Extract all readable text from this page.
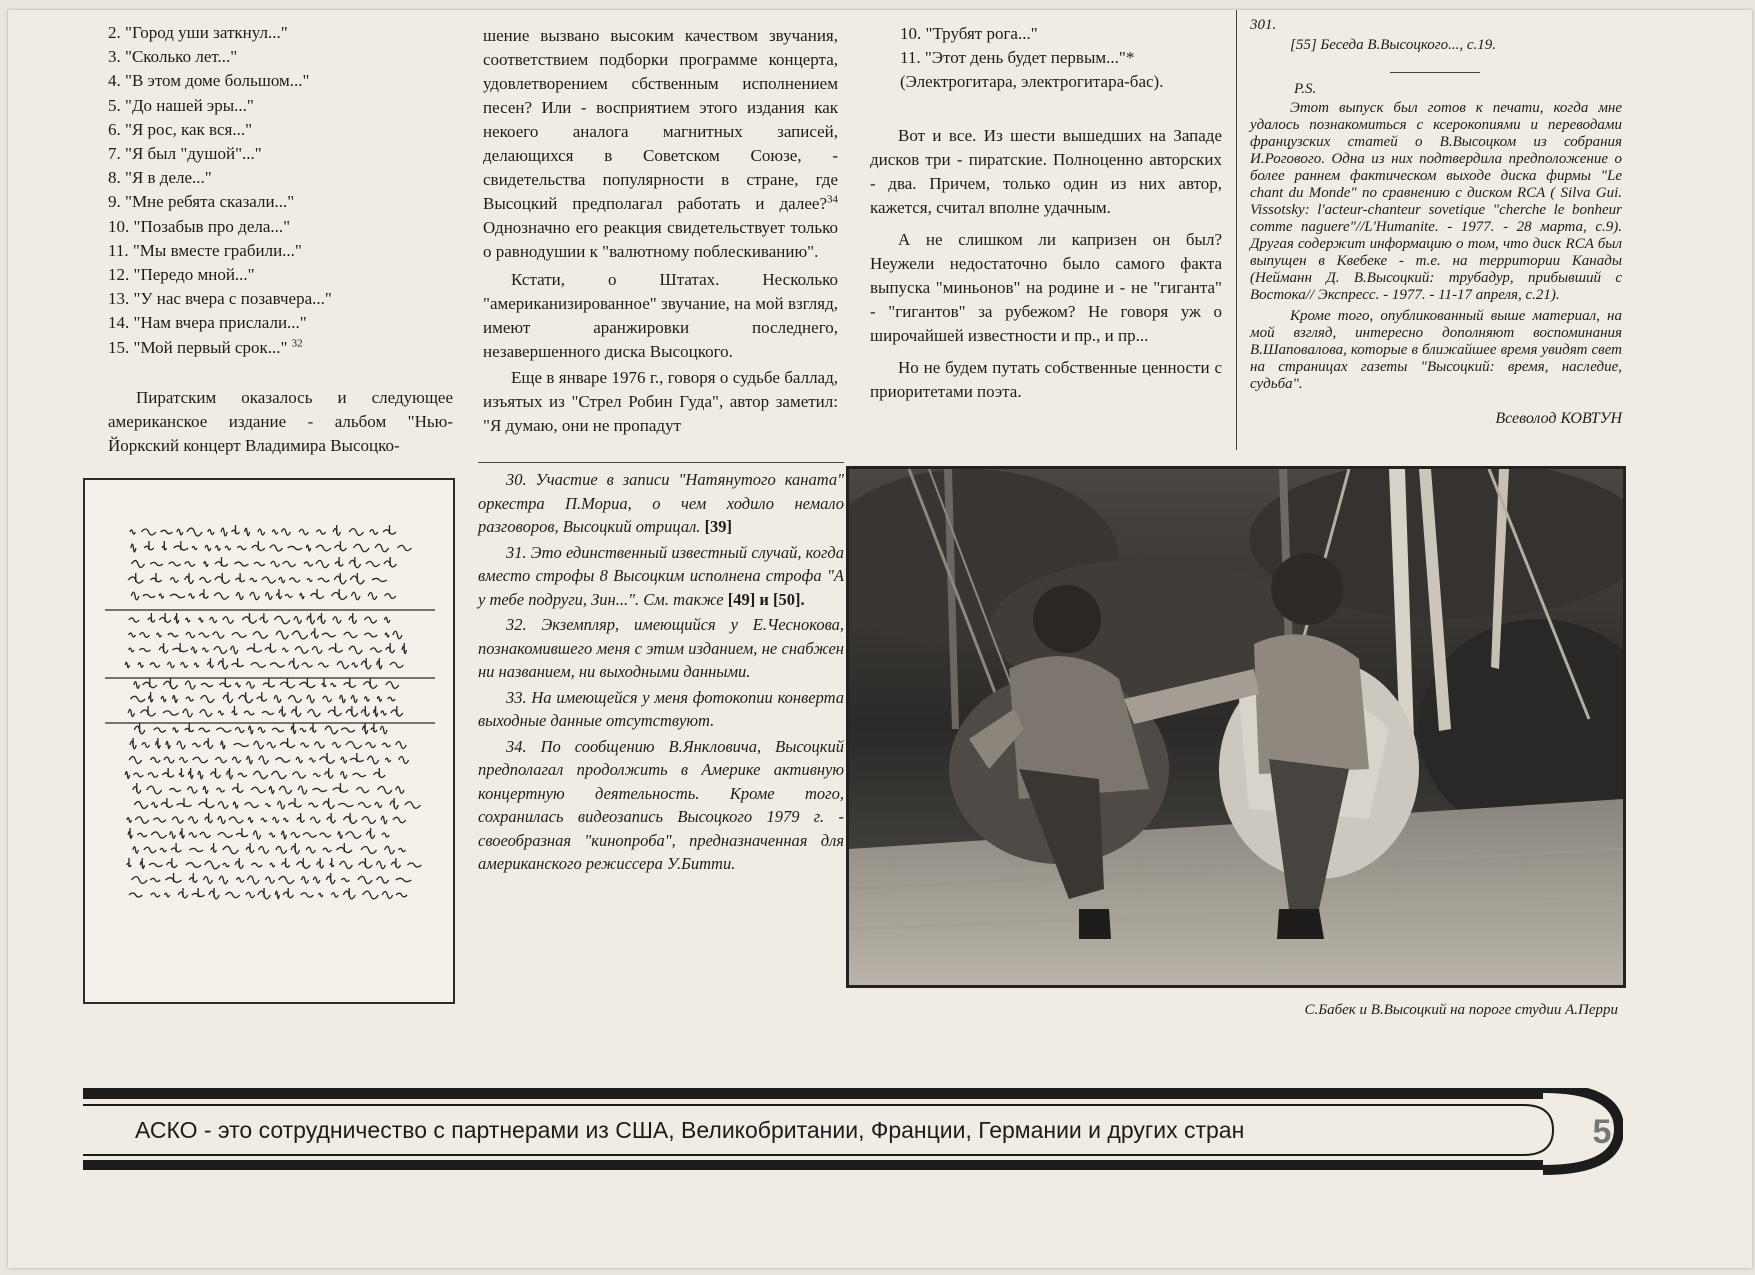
2. "Город уши заткнул..."
3. "Сколько лет..."
4. "В этом доме большом..."
5. "До нашей эры..."
6. "Я рос, как вся..."
7. "Я был "душой"..."
8. "Я в деле..."
9. "Мне ребята сказали..."
10. "Позабыв про дела..."
11. "Мы вместе грабили..."
12. "Передо мной..."
13. "У нас вчера с позавчера..."
14. "Нам вчера прислали..."
15. "Мой первый срок..." $^{32}$

Пиратским оказалось и следующее американское издание - альбом "Нью-Йоркский концерт Владимира Высоцко-

шение вызвано высоким качеством звучания, соответствием подборки программе концерта, удовлетворением сбственным исполнением песен? Или - восприятием этого издания как некоего аналога магнитных записей, делающихся в Советском Союзе, - свидетельства популярности в стране, где Высоцкий предполагал работать и далее?$^{34}$ Однозначно его реакция свидетельствует только о равнодушии к "валютному поблескиванию".

Кстати, о Штатах. Несколько "американизированное" звучание, на мой взгляд, имеют аранжировки последнего, незавершенного диска Высоцкого.

Еще в январе 1976 г., говоря о судьбе баллад, изъятых из "Стрел Робин Гуда", автор заметил: "Я думаю, они не пропадут

30. Участие в записи "Натянутого каната" оркестра П.Мориа, о чем ходило немало разговоров, Высоцкий отрицал. [39]

31. Это единственный известный случай, когда вместо строфы 8 Высоцким исполнена строфа "А у тебе подруги, Зин...". См. также [49] и [50].

32. Экземпляр, имеющийся у Е.Чеснокова, познакомившего меня с этим изданием, не снабжен ни названием, ни выходными данными.

33. На имеющейся у меня фотокопии конверта выходные данные отсутствуют.

34. По сообщению В.Янкловича, Высоцкий предполагал продолжить в Америке активную концертную деятельность. Кроме того, сохранилась видеозапись Высоцкого 1979 г. - своеобразная "кинопроба", предназначенная для американского режиссера У.Битти.

10. "Трубят рога..."
11. "Этот день будет первым..."*
(Электрогитара, электрогитара-бас).

Вот и все. Из шести вышедших на Западе дисков три - пиратские. Полноценно авторских - два. Причем, только один из них автор, кажется, считал вполне удачным.

А не слишком ли капризен он был? Неужели недостаточно было самого факта выпуска "миньонов" на родине и - не "гиганта" - "гигантов" за рубежом? Не говоря уж о широчайшей известности и пр., и пр...

Но не будем путать собственные ценности с приоритетами поэта.

301.
[55] Беседа В.Высоцкого..., с.19.
P.S.

Этот выпуск был готов к печати, когда мне удалось познакомиться с ксерокопиями и переводами французских статей о В.Высоцком из собрания И.Рогового. Одна из них подтвердила предположение о более раннем фактическом выходе диска фирмы "Le chant du Monde" по сравнению с диском RCA ( Silva Gui. Vissotsky: l'acteur-chanteur sovetique "cherche le bonheur comme naguere"//L'Humanite. - 1977. - 28 марта, с.9). Другая содержит информацию о том, что диск RCA был выпущен в Квебеке - т.е. на территории Канады (Нейманн Д. В.Высоцкий: трубадур, прибывший с Востока// Экспресс. - 1977. - 11-17 апреля, с.21).

Кроме того, опубликованный выше материал, на мой взгляд, интересно дополняют воспоминания В.Шаповалова, которые в ближайшее время увидят свет на страницах газеты "Высоцкий: время, наследие, судьба".

Всеволод КОВТУН
С.Бабек и В.Высоцкий на пороге студии А.Перри
АСКО - это сотрудничество с партнерами из США, Великобритании, Франции, Германии и других стран	5
